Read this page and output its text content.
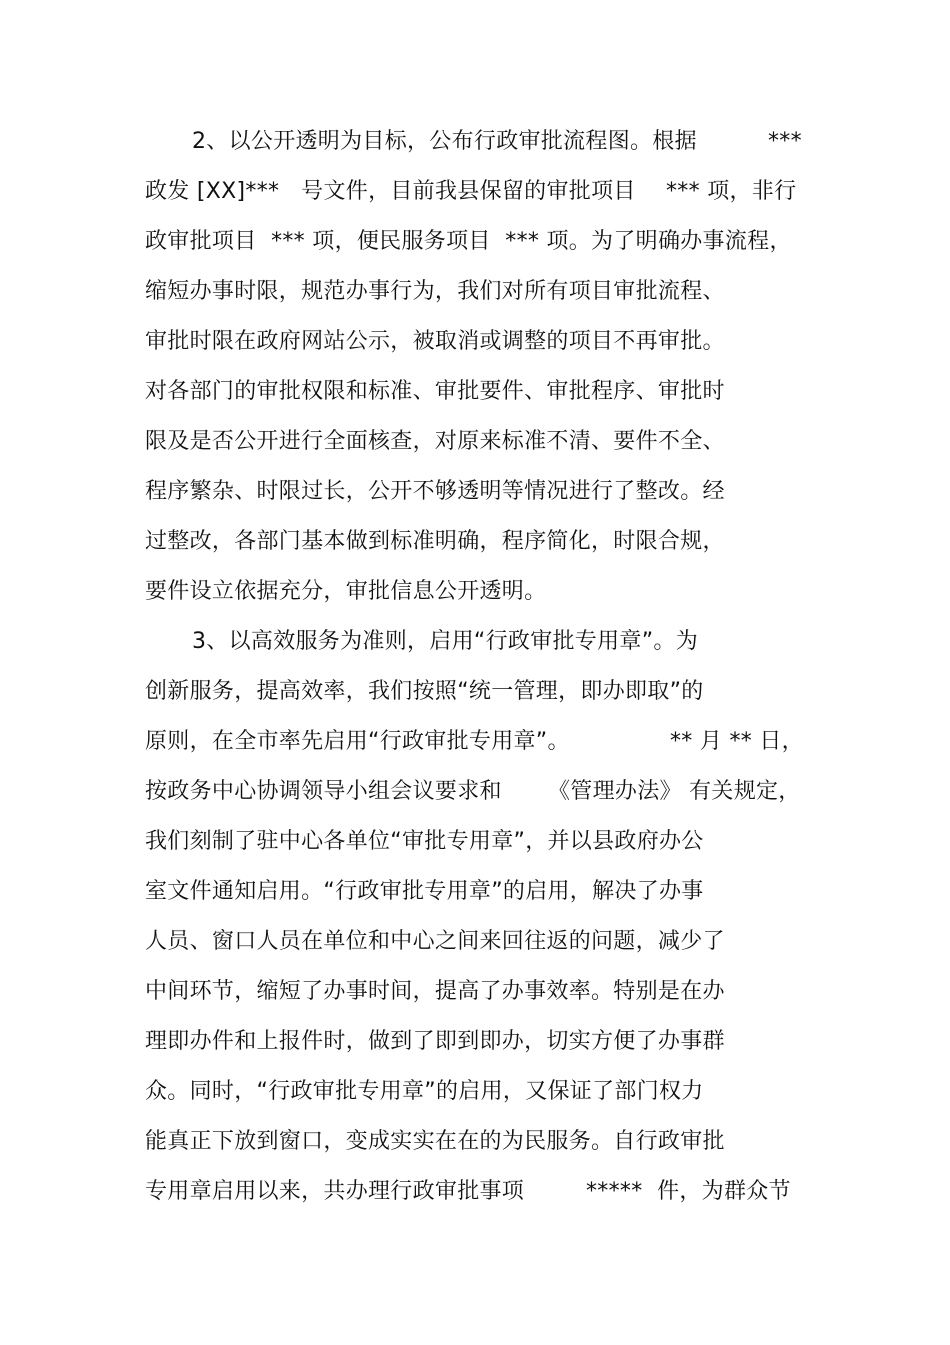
2、以公开透明为目标，公布行政审批流程图。根据

	***

政发 [XX]***   号文件，目前我县保留的审批项目

*** 项，非行

政审批项目  *** 项，便民服务项目  *** 项。为了明确办事流程，

缩短办事时限，规范办事行为，我们对所有项目审批流程、

审批时限在政府网站公示，被取消或调整的项目不再审批。

对各部门的审批权限和标准、审批要件、审批程序、审批时

限及是否公开进行全面核查，对原来标准不清、要件不全、

程序繁杂、时限过长，公开不够透明等情况进行了整改。经

过整改，各部门基本做到标准明确，程序简化，时限合规，

要件设立依据充分，审批信息公开透明。

3、以高效服务为准则，启用“行政审批专用章”。为

创新服务，提高效率，我们按照“统一管理，即办即取”的

原则，在全市率先启用“行政审批专用章”。

	** 月 ** 日，

按政务中心协调领导小组会议要求和

《管理办法》 有关规定，

我们刻制了驻中心各单位“审批专用章”，并以县政府办公

室文件通知启用。“行政审批专用章”的启用，解决了办事

人员、窗口人员在单位和中心之间来回往返的问题，减少了

中间环节，缩短了办事时间，提高了办事效率。特别是在办

理即办件和上报件时，做到了即到即办，切实方便了办事群

众。同时，“行政审批专用章”的启用，又保证了部门权力

能真正下放到窗口，变成实实在在的为民服务。自行政审批

专用章启用以来，共办理行政审批事项

	*****  件，为群众节
